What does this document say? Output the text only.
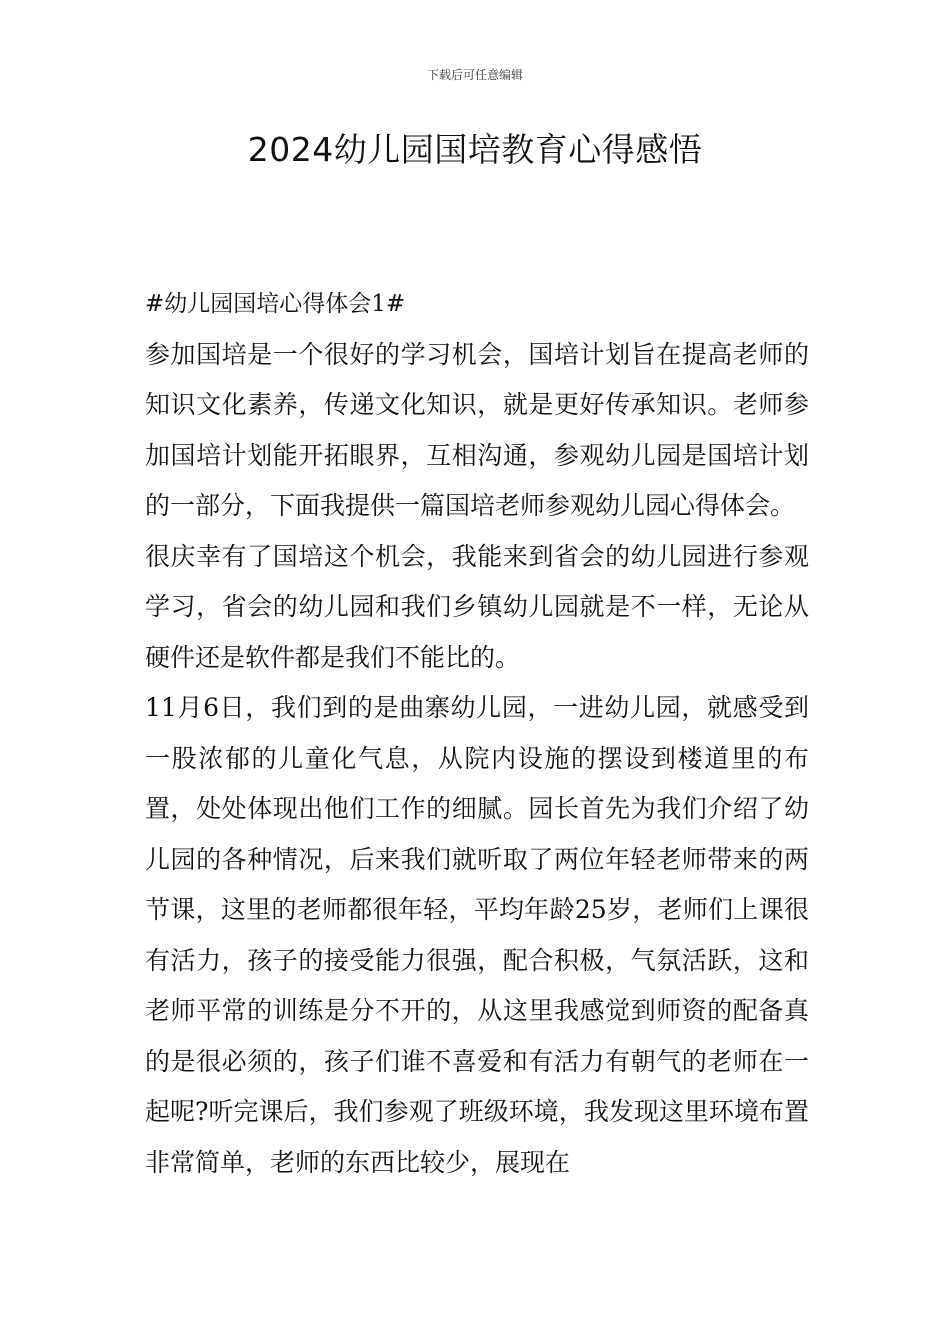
下载后可任意编辑
2024幼儿园国培教育心得感悟

#幼儿园国培心得体会1#

参加国培是一个很好的学习机会，国培计划旨在提高老师的知识文化素养，传递文化知识，就是更好传承知识。老师参加国培计划能开拓眼界，互相沟通，参观幼儿园是国培计划的一部分，下面我提供一篇国培老师参观幼儿园心得体会。

很庆幸有了国培这个机会，我能来到省会的幼儿园进行参观学习，省会的幼儿园和我们乡镇幼儿园就是不一样，无论从硬件还是软件都是我们不能比的。

11月6日，我们到的是曲寨幼儿园，一进幼儿园，就感受到一股浓郁的儿童化气息，从院内设施的摆设到楼道里的布置，处处体现出他们工作的细腻。园长首先为我们介绍了幼儿园的各种情况，后来我们就听取了两位年轻老师带来的两节课，这里的老师都很年轻，平均年龄25岁，老师们上课很有活力，孩子的接受能力很强，配合积极，气氛活跃，这和老师平常的训练是分不开的，从这里我感觉到师资的配备真的是很必须的，孩子们谁不喜爱和有活力有朝气的老师在一起呢?听完课后，我们参观了班级环境，我发现这里环境布置非常简单，老师的东西比较少，展现在
